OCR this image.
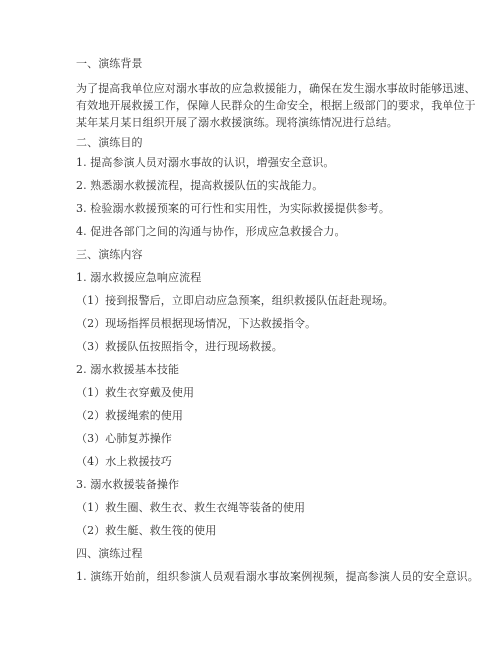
一、演练背景
为了提高我单位应对溺水事故的应急救援能力，确保在发生溺水事故时能够迅速、
有效地开展救援工作，保障人民群众的生命安全，根据上级部门的要求，我单位于
某年某月某日组织开展了溺水救援演练。现将演练情况进行总结。
二、演练目的
1. 提高参演人员对溺水事故的认识，增强安全意识。
2. 熟悉溺水救援流程，提高救援队伍的实战能力。
3. 检验溺水救援预案的可行性和实用性，为实际救援提供参考。
4. 促进各部门之间的沟通与协作，形成应急救援合力。
三、演练内容
1. 溺水救援应急响应流程
（1）接到报警后，立即启动应急预案，组织救援队伍赶赴现场。
（2）现场指挥员根据现场情况，下达救援指令。
（3）救援队伍按照指令，进行现场救援。
2. 溺水救援基本技能
（1）救生衣穿戴及使用
（2）救援绳索的使用
（3）心肺复苏操作
（4）水上救援技巧
3. 溺水救援装备操作
（1）救生圈、救生衣、救生衣绳等装备的使用
（2）救生艇、救生筏的使用
四、演练过程
1. 演练开始前，组织参演人员观看溺水事故案例视频，提高参演人员的安全意识。
